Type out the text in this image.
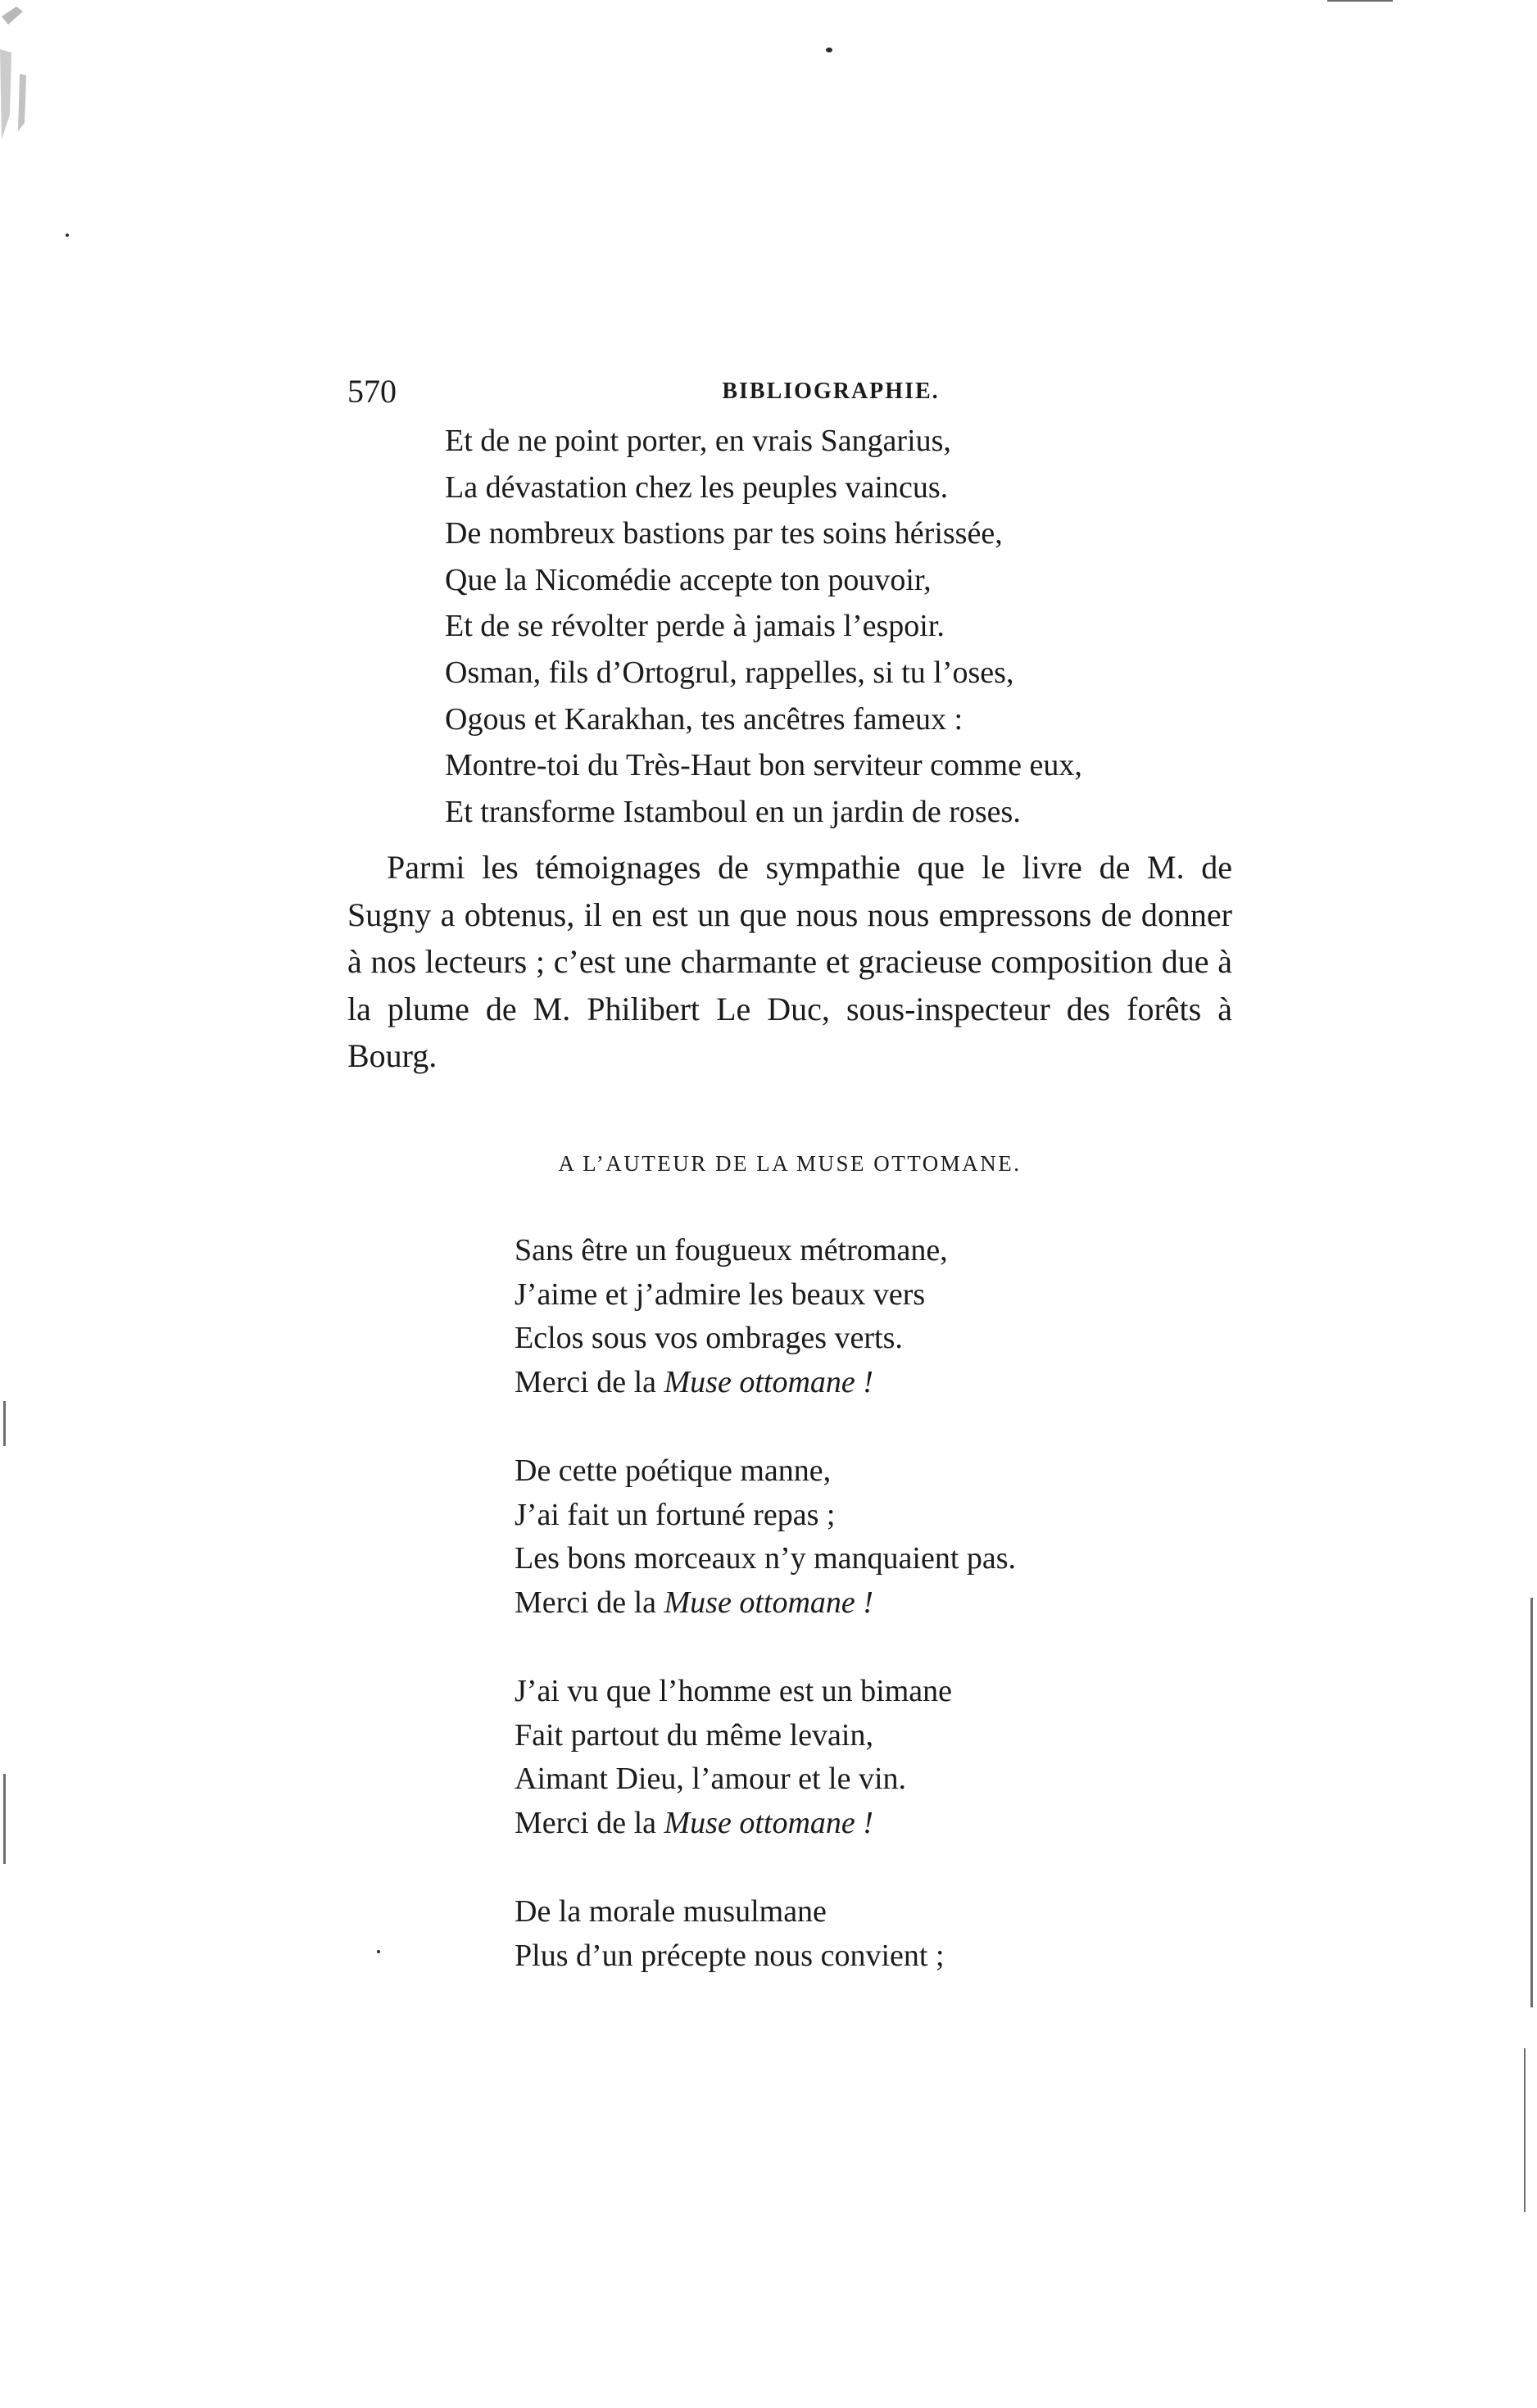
570	BIBLIOGRAPHIE.
Et de ne point porter, en vrais Sangarius,
La dévastation chez les peuples vaincus.
De nombreux bastions par tes soins hérissée,
Que la Nicomédie accepte ton pouvoir,
Et de se révolter perde à jamais l’espoir.
Osman, fils d’Ortogrul, rappelles, si tu l’oses,
Ogous et Karakhan, tes ancêtres fameux :
Montre-toi du Très-Haut bon serviteur comme eux,
Et transforme Istamboul en un jardin de roses.

Parmi les témoignages de sympathie que le livre de M. de Sugny a obtenus, il en est un que nous nous empressons de donner à nos lecteurs ; c’est une charmante et gracieuse composition due à la plume de M. Philibert Le Duc, sous-inspecteur des forêts à Bourg.

A L’AUTEUR DE LA MUSE OTTOMANE.
Sans être un fougueux métromane,
J’aime et j’admire les beaux vers
Eclos sous vos ombrages verts.
Merci de la Muse ottomane !
De cette poétique manne,
J’ai fait un fortuné repas ;
Les bons morceaux n’y manquaient pas.
Merci de la Muse ottomane !
J’ai vu que l’homme est un bimane
Fait partout du même levain,
Aimant Dieu, l’amour et le vin.
Merci de la Muse ottomane !
De la morale musulmane
Plus d’un précepte nous convient ;
